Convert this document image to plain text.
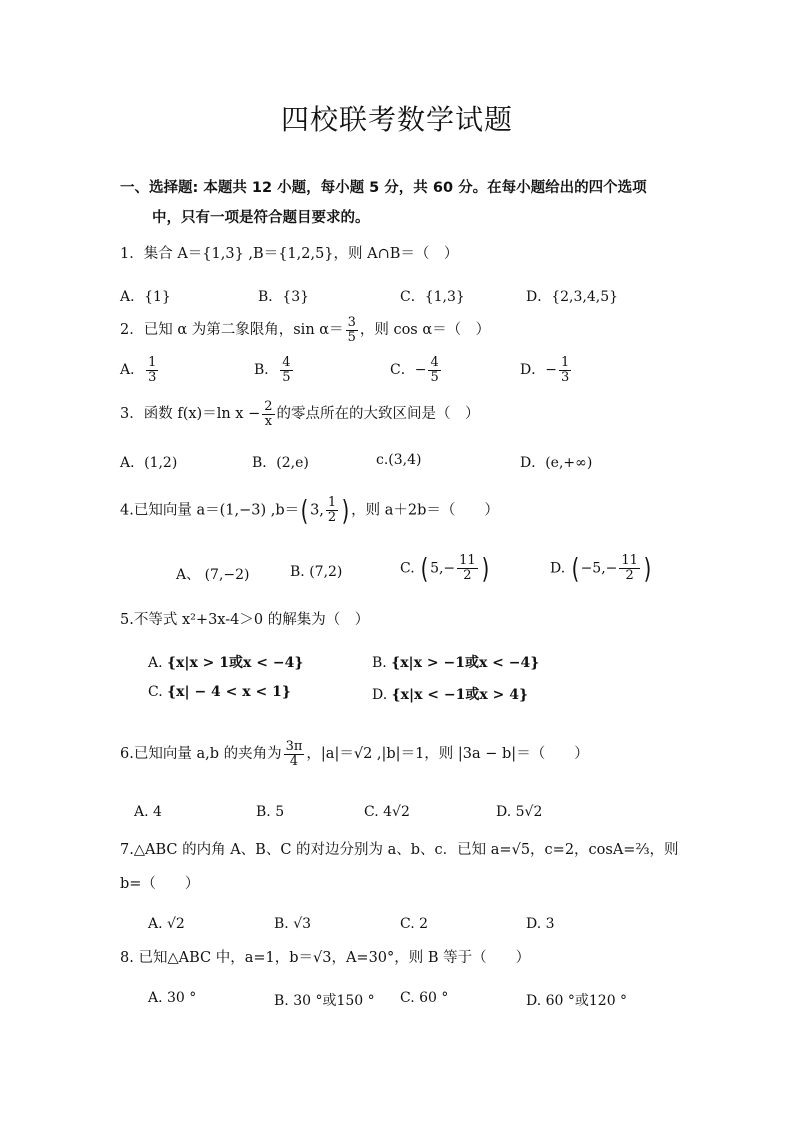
四校联考数学试题
一、选择题: 本题共 12 小题，每小题 5 分，共 60 分。在每小题给出的四个选项
中，只有一项是符合题目要求的。
1．集合 A＝{1,3} ,B＝{1,2,5}，则 A∩B＝（　）
A．{1}	B．{3}	C．{1,3}	D．{2,3,4,5}
2．已知 α 为第二象限角，$\sin \alpha= \frac{3}{5}$ ，则 cos α＝（　）
A． $\frac{1}{3}$	B． $\frac{4}{5}$	C．− $\frac{4}{5}$	D．− $\frac{1}{3}$
3．函数 f(x)＝ln $x - \frac{2}{x}$ 的零点所在的大致区间是（　）
A．(1,2)	B．(2,e)	c.(3,4)	D．(e,+∞)
4.已知向量 a＝(1,−3) ,b＝( 3, $\frac{1}{2}$ ) ，则 a＋2b＝（　　）
A、 (7,−2)	B. (7,2)	C. ( $5,- \frac{11}{2}$ )	D. ( $-5,- \frac{11}{2}$ )
5.不等式 x²+3x-4＞0 的解集为（　）
A. {x|x > 1或x < −4}	B. {x|x > −1或x < −4}
C. {x| − 4 < x < 1}	D. {x|x < −1或x > 4}
6.已知向量 a,b 的夹角为 $\frac{3\pi}{4}$ ，|a|＝√2 ,|b|＝1，则 |3a − b|＝（　　）
A. 4	B. 5	C. 4√2	D. 5√2
7.△ABC 的内角 A、B、C 的对边分别为 a、b、c．已知 a=√5，c=2，cosA=⅔，则
b=（　　）
A. √2	B. √3	C. 2	D. 3
8. 已知△ABC 中，a=1，b＝√3，A=30°，则 B 等于（　　）
A. 30 °	B. 30 °或150 ° C. 60 °	D. 60 °或120 °
